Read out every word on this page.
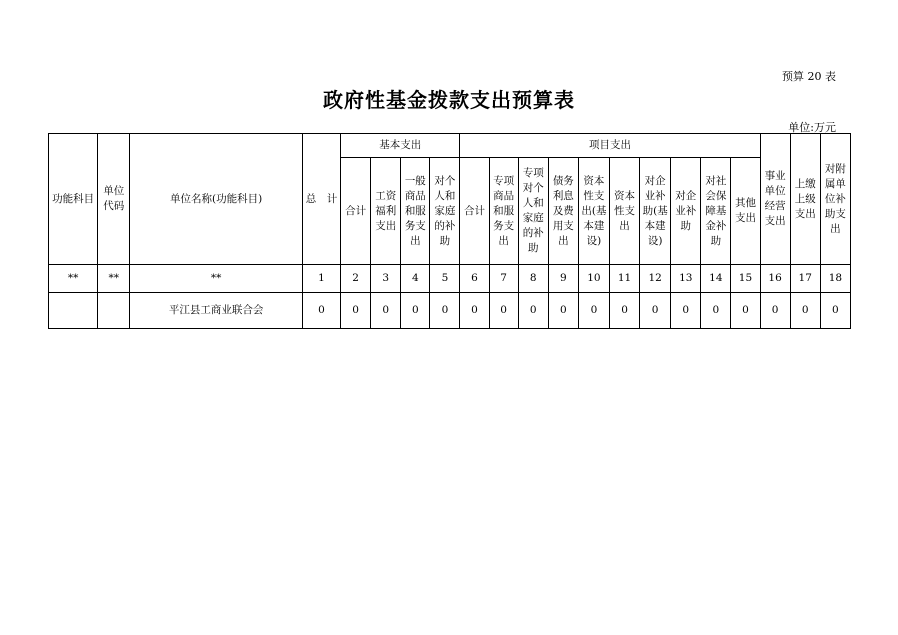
预算 20 表
政府性基金拨款支出预算表
单位:万元
功能科目	单位代码	单位名称(功能科目)	总　计	基本支出				项目支出										事业单位经营支出	上缴上级支出	对附属单位补助支出
				合计	工资福利支出	一般商品和服务支出	对个人和家庭的补助	合计	专项商品和服务支出	专项对个人和家庭的补助	债务利息及费用支出	资本性支出(基本建设)	资本性支出	对企业补助(基本建设)	对企业补助	对社会保障基金补助	其他支出			
**	**	**	1	2	3	4	5	6	7	8	9	10	11	12	13	14	15	16	17	18
		平江县工商业联合会	0	0	0	0	0	0	0	0	0	0	0	0	0	0	0	0	0	0
